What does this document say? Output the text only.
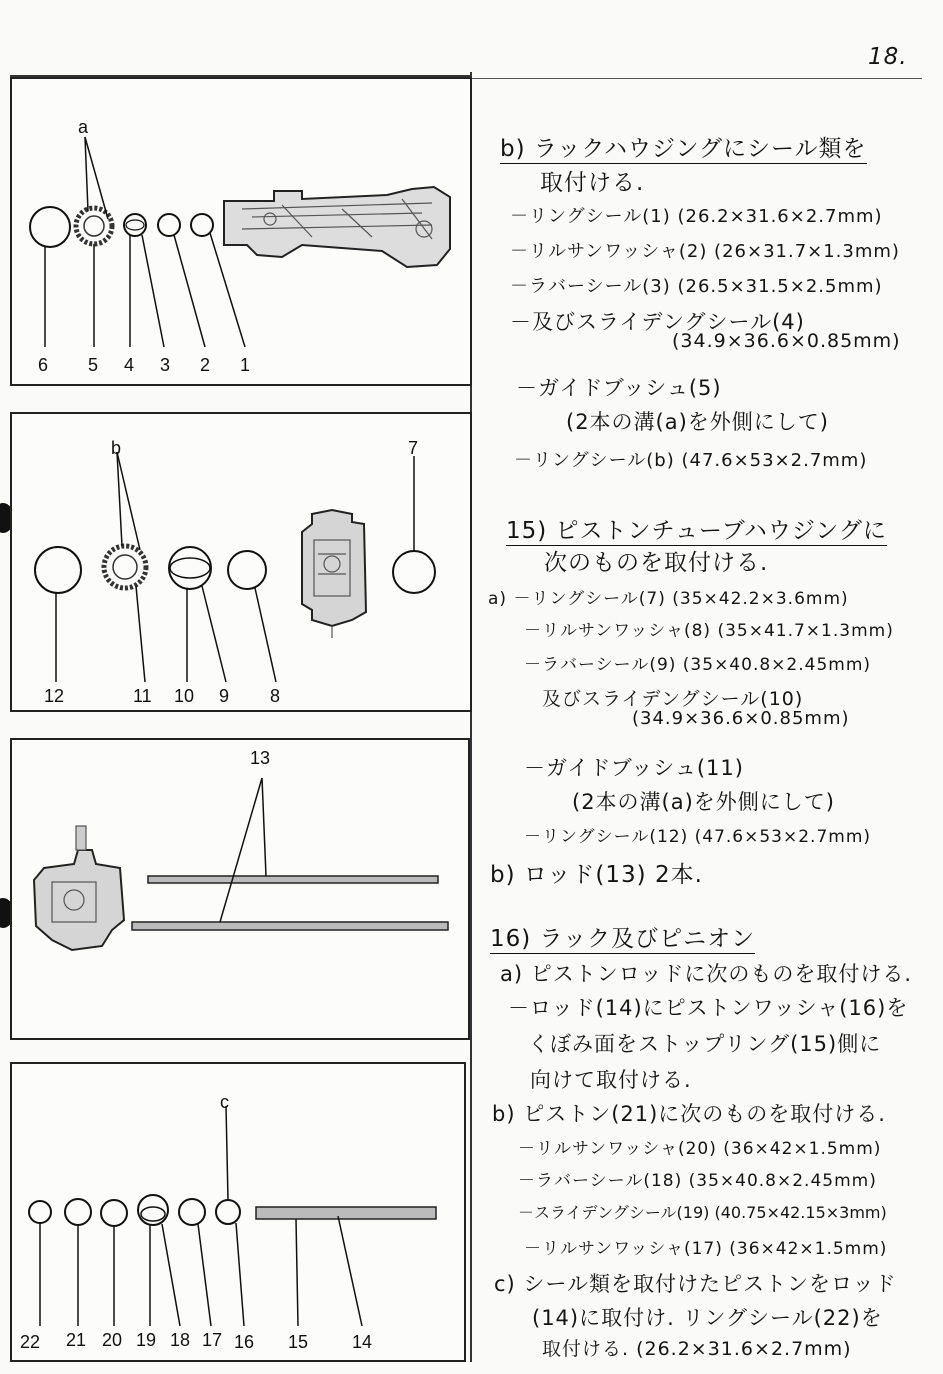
18.
a
6 5 4 3 2 1
b	7
12	11 10 9 8
13
c
22 21 20 19 18 17 16 15 14
b) ラックハウジングにシール類を
取付ける.
－リングシール(1) (26.2×31.6×2.7mm)
－リルサンワッシャ(2) (26×31.7×1.3mm)
－ラバーシール(3) (26.5×31.5×2.5mm)
－及びスライデングシール(4)
(34.9×36.6×0.85mm)
－ガイドブッシュ(5)
(2本の溝(a)を外側にして)
－リングシール(b) (47.6×53×2.7mm)
15) ピストンチューブハウジングに
次のものを取付ける.
a) －リングシール(7) (35×42.2×3.6mm)
－リルサンワッシャ(8) (35×41.7×1.3mm)
－ラバーシール(9) (35×40.8×2.45mm)
及びスライデングシール(10)
(34.9×36.6×0.85mm)
－ガイドブッシュ(11)
(2本の溝(a)を外側にして)
－リングシール(12) (47.6×53×2.7mm)
b) ロッド(13) 2本.
16) ラック及びピニオン
a) ピストンロッドに次のものを取付ける.
－ロッド(14)にピストンワッシャ(16)を
くぼみ面をストップリング(15)側に
向けて取付ける.
b) ピストン(21)に次のものを取付ける.
－リルサンワッシャ(20) (36×42×1.5mm)
－ラバーシール(18) (35×40.8×2.45mm)
－スライデングシール(19) (40.75×42.15×3mm)
－リルサンワッシャ(17) (36×42×1.5mm)
c) シール類を取付けたピストンをロッド
(14)に取付け. リングシール(22)を
取付ける. (26.2×31.6×2.7mm)
